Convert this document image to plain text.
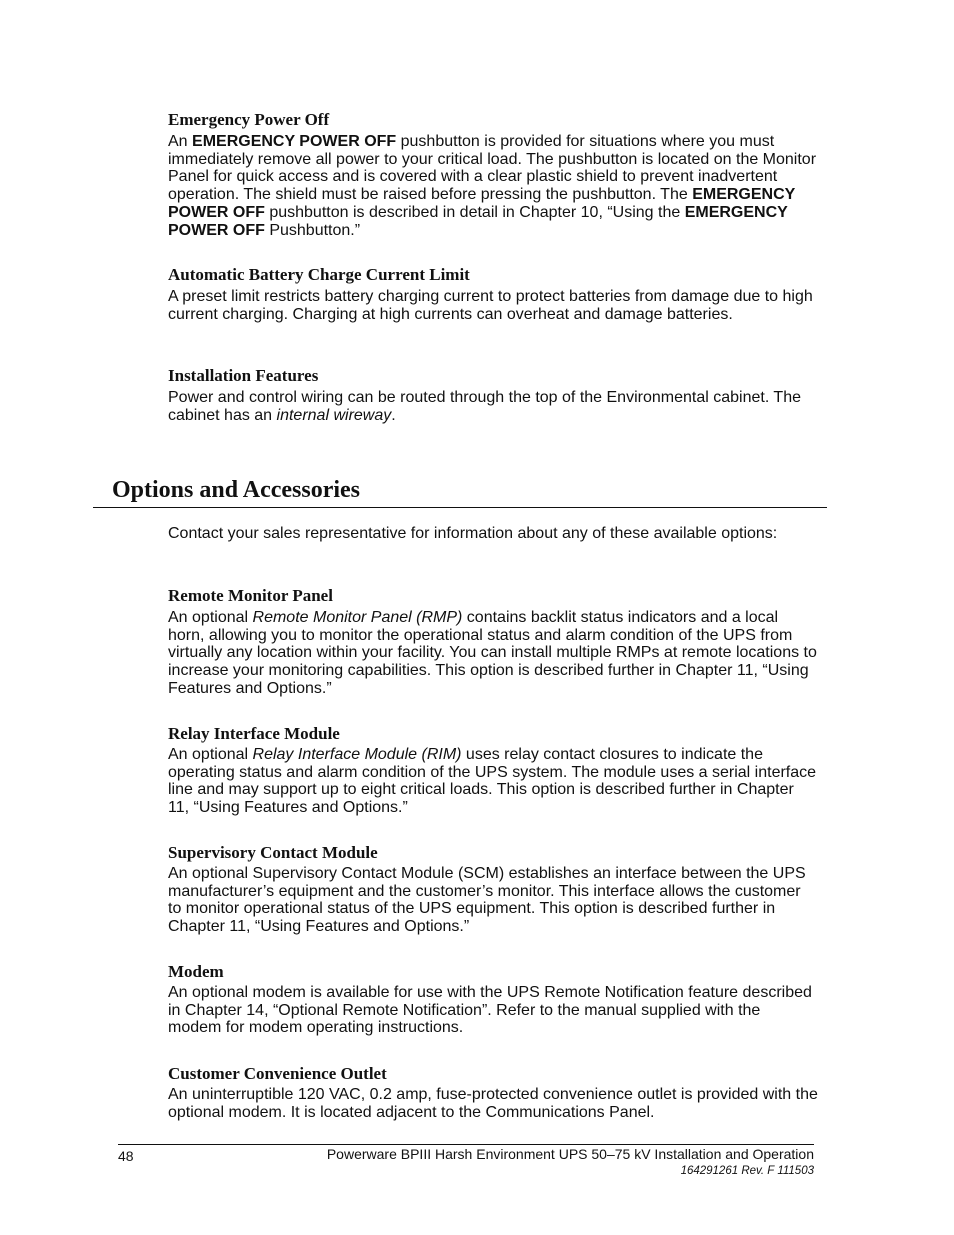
Emergency Power Off

An EMERGENCY POWER OFF pushbutton is provided for situations where you must immediately remove all power to your critical load. The pushbutton is located on the Monitor Panel for quick access and is covered with a clear plastic shield to prevent inadvertent operation. The shield must be raised before pressing the pushbutton. The EMERGENCY POWER OFF pushbutton is described in detail in Chapter 10, “Using the EMERGENCY POWER OFF Pushbutton.”

Automatic Battery Charge Current Limit

A preset limit restricts battery charging current to protect batteries from damage due to high current charging. Charging at high currents can overheat and damage batteries.

Installation Features

Power and control wiring can be routed through the top of the Environmental cabinet. The cabinet has an internal wireway.

Options and Accessories

Contact your sales representative for information about any of these available options:

Remote Monitor Panel

An optional Remote Monitor Panel (RMP) contains backlit status indicators and a local horn, allowing you to monitor the operational status and alarm condition of the UPS from virtually any location within your facility. You can install multiple RMPs at remote locations to increase your monitoring capabilities. This option is described further in Chapter 11, “Using Features and Options.”

Relay Interface Module

An optional Relay Interface Module (RIM) uses relay contact closures to indicate the operating status and alarm condition of the UPS system. The module uses a serial interface line and may support up to eight critical loads. This option is described further in Chapter 11, “Using Features and Options.”

Supervisory Contact Module

An optional Supervisory Contact Module (SCM) establishes an interface between the UPS manufacturer’s equipment and the customer’s monitor. This interface allows the customer to monitor operational status of the UPS equipment. This option is described further in Chapter 11, “Using Features and Options.”

Modem

An optional modem is available for use with the UPS Remote Notification feature described in Chapter 14, “Optional Remote Notification”. Refer to the manual supplied with the modem for modem operating instructions.

Customer Convenience Outlet

An uninterruptible 120 VAC, 0.2 amp, fuse-protected convenience outlet is provided with the optional modem. It is located adjacent to the Communications Panel.

48	Powerware BPIII Harsh Environment UPS 50–75 kV Installation and Operation
164291261 Rev. F 111503
